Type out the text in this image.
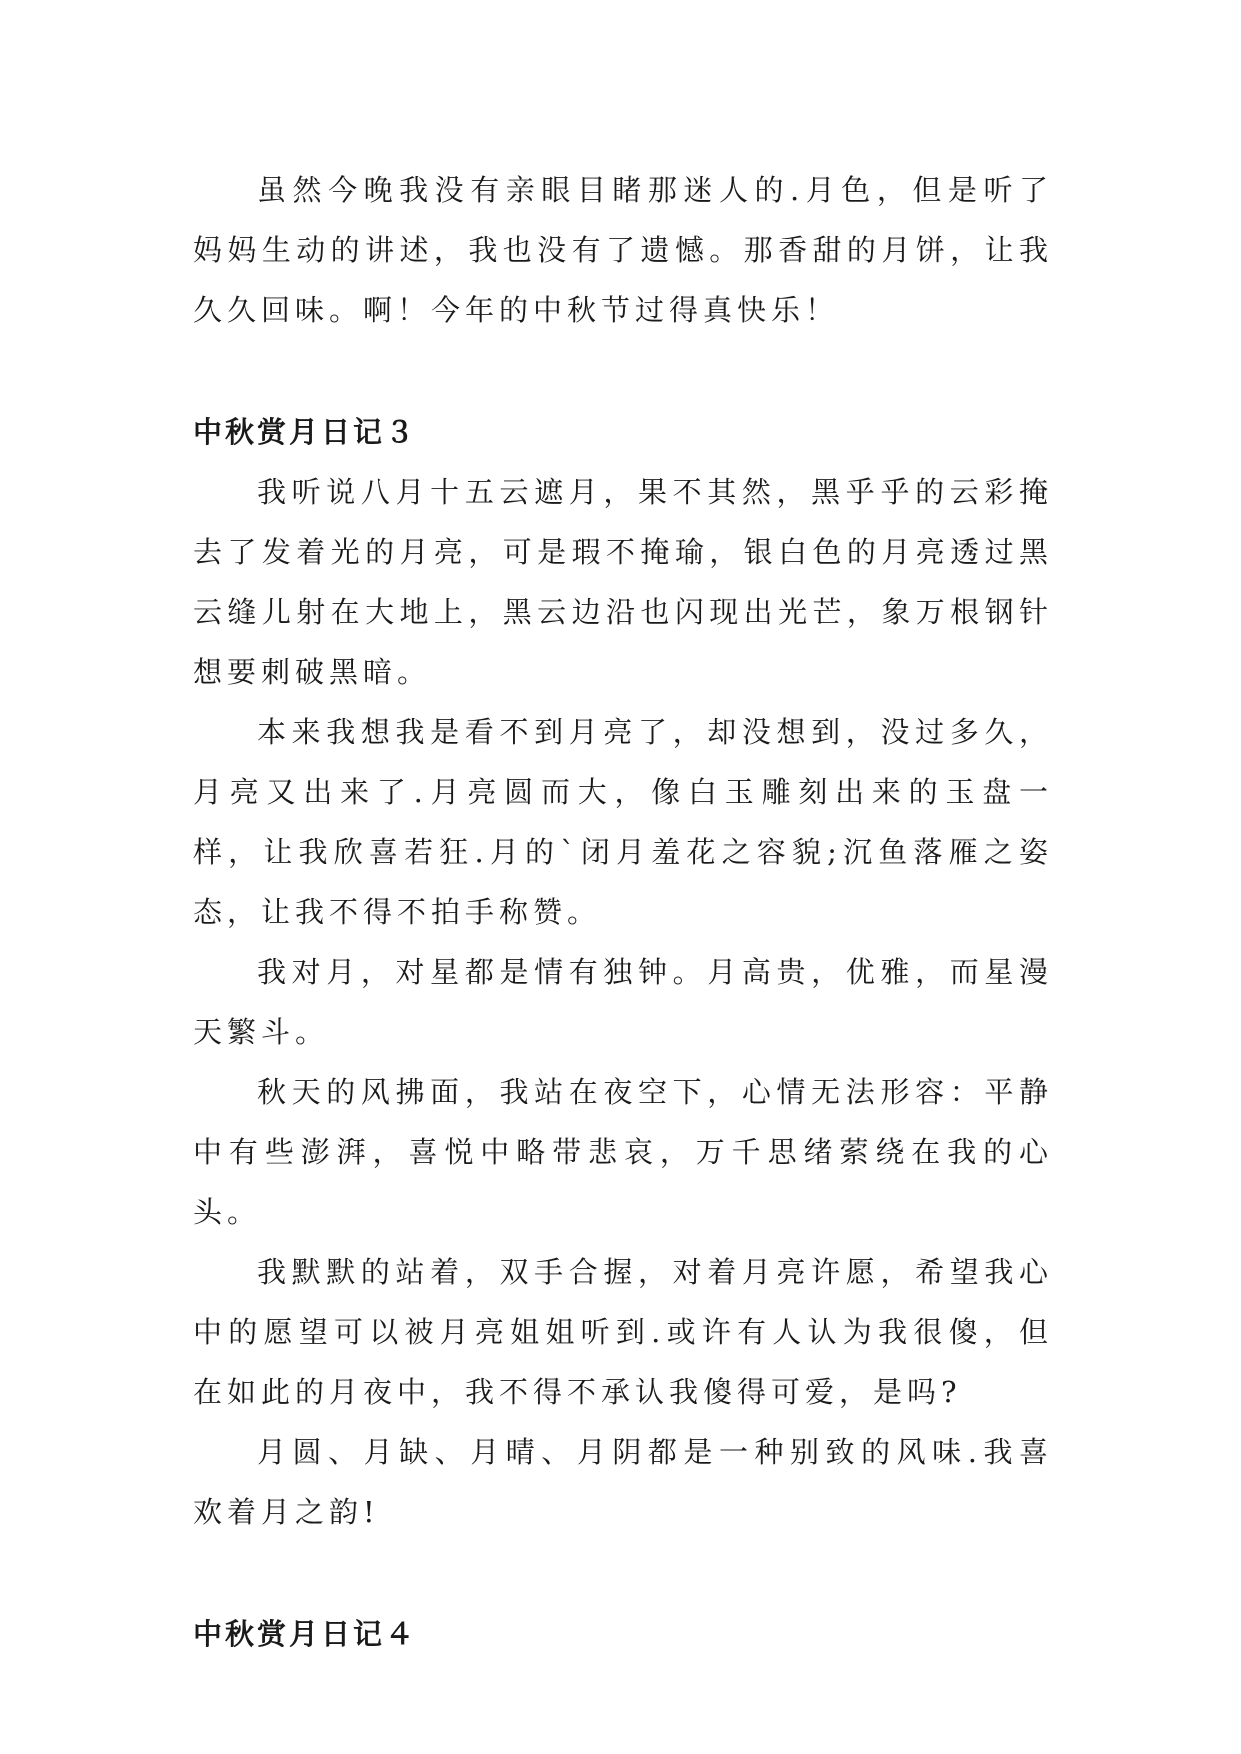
虽然今晚我没有亲眼目睹那迷人的.月色，但是听了妈妈生动的讲述，我也没有了遗憾。那香甜的月饼，让我久久回味。啊！今年的中秋节过得真快乐！

中秋赏月日记３

我听说八月十五云遮月，果不其然，黑乎乎的云彩掩去了发着光的月亮，可是瑕不掩瑜，银白色的月亮透过黑云缝儿射在大地上，黑云边沿也闪现出光芒，象万根钢针想要刺破黑暗。

本来我想我是看不到月亮了，却没想到，没过多久，月亮又出来了.月亮圆而大，像白玉雕刻出来的玉盘一样，让我欣喜若狂.月的`闭月羞花之容貌;沉鱼落雁之姿态，让我不得不拍手称赞。

我对月，对星都是情有独钟。月高贵，优雅，而星漫天繁斗。

秋天的风拂面，我站在夜空下，心情无法形容：平静中有些澎湃，喜悦中略带悲哀，万千思绪萦绕在我的心头。

我默默的站着，双手合握，对着月亮许愿，希望我心中的愿望可以被月亮姐姐听到.或许有人认为我很傻，但在如此的月夜中，我不得不承认我傻得可爱，是吗?

月圆、月缺、月晴、月阴都是一种别致的风味.我喜欢着月之韵!

中秋赏月日记４
